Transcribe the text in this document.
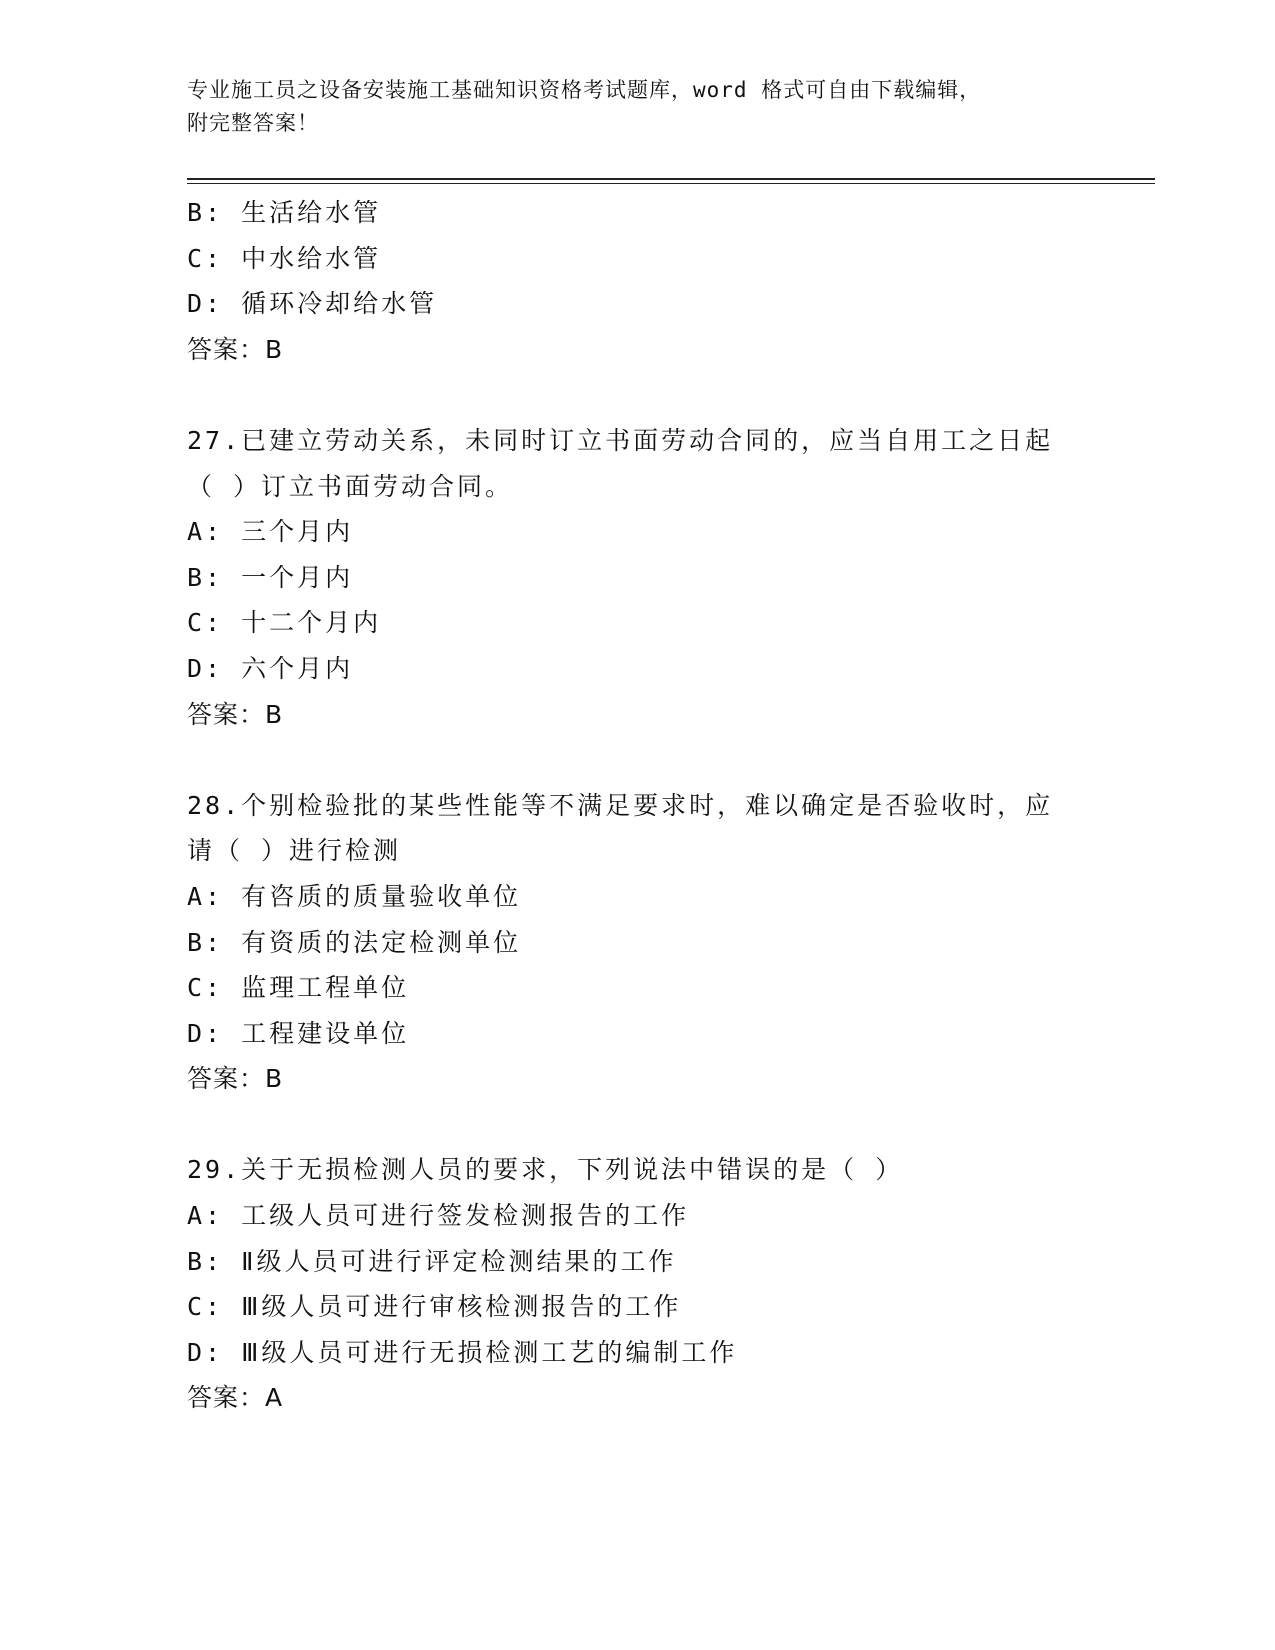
专业施工员之设备安装施工基础知识资格考试题库，word 格式可自由下载编辑，
附完整答案！
B: 生活给水管
C: 中水给水管
D: 循环冷却给水管
答案：B
27.已建立劳动关系，未同时订立书面劳动合同的，应当自用工之日起
（ ）订立书面劳动合同。
A: 三个月内
B: 一个月内
C: 十二个月内
D: 六个月内
答案：B
28.个别检验批的某些性能等不满足要求时，难以确定是否验收时，应
请（ ）进行检测
A: 有咨质的质量验收单位
B: 有资质的法定检测单位
C: 监理工程单位
D: 工程建设单位
答案：B
29.关于无损检测人员的要求，下列说法中错误的是（ ）
A: 工级人员可进行签发检测报告的工作
B: Ⅱ级人员可进行评定检测结果的工作
C: Ⅲ级人员可进行审核检测报告的工作
D: Ⅲ级人员可进行无损检测工艺的编制工作
答案：A
